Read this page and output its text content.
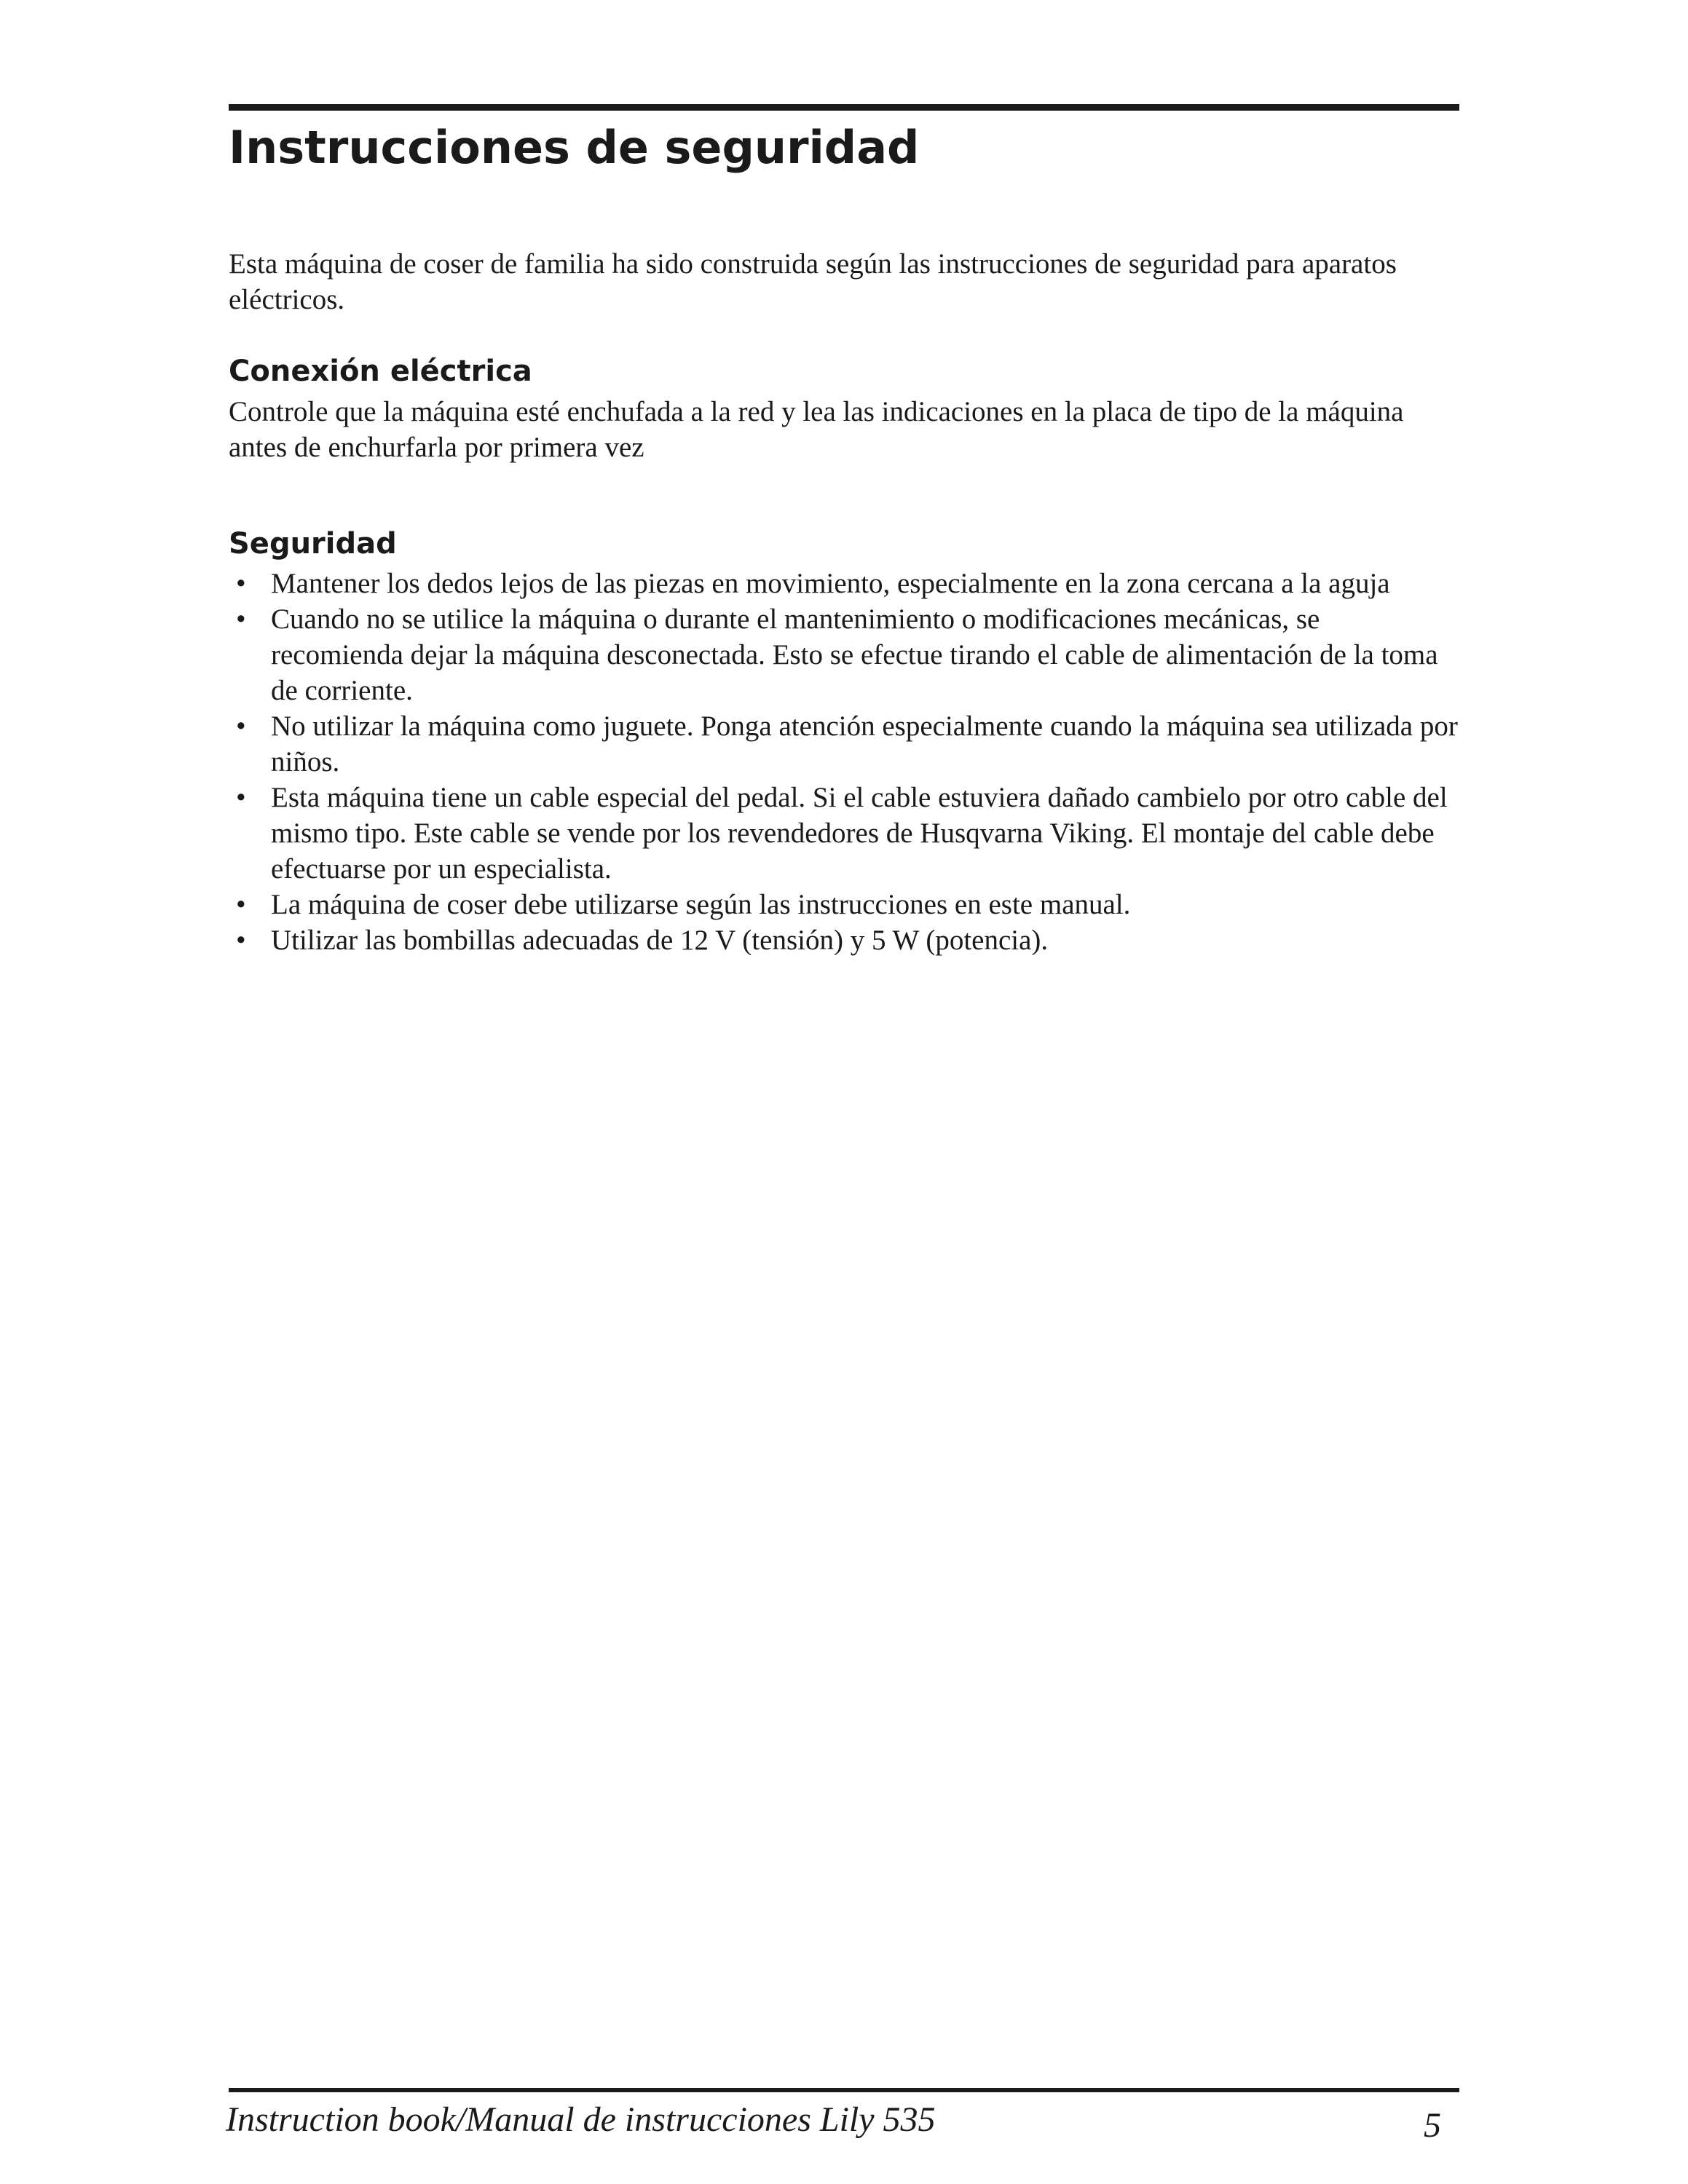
Instrucciones de seguridad

Esta máquina de coser de familia ha sido construida según las instrucciones de seguridad para aparatos eléctricos.

Conexión eléctrica

Controle que la máquina esté enchufada a la red y lea las indicaciones en la placa de tipo de la máquina antes de enchurfarla por primera vez

Seguridad
• Mantener los dedos lejos de las piezas en movimiento, especialmente en la zona cercana a la aguja
• Cuando no se utilice la máquina o durante el mantenimiento o modificaciones mecánicas, se recomienda dejar la máquina desconectada. Esto se efectue tirando el cable de alimentación de la toma de corriente.
• No utilizar la máquina como juguete. Ponga atención especialmente cuando la máquina sea utilizada por niños.
• Esta máquina tiene un cable especial del pedal. Si el cable estuviera dañado cambielo por otro cable del mismo tipo. Este cable se vende por los revendedores de Husqvarna Viking. El montaje del cable debe efectuarse por un especialista.
• La máquina de coser debe utilizarse según las instrucciones en este manual.
• Utilizar las bombillas adecuadas de 12 V (tensión) y 5 W (potencia).

Instruction book/Manual de instrucciones Lily 535	5
